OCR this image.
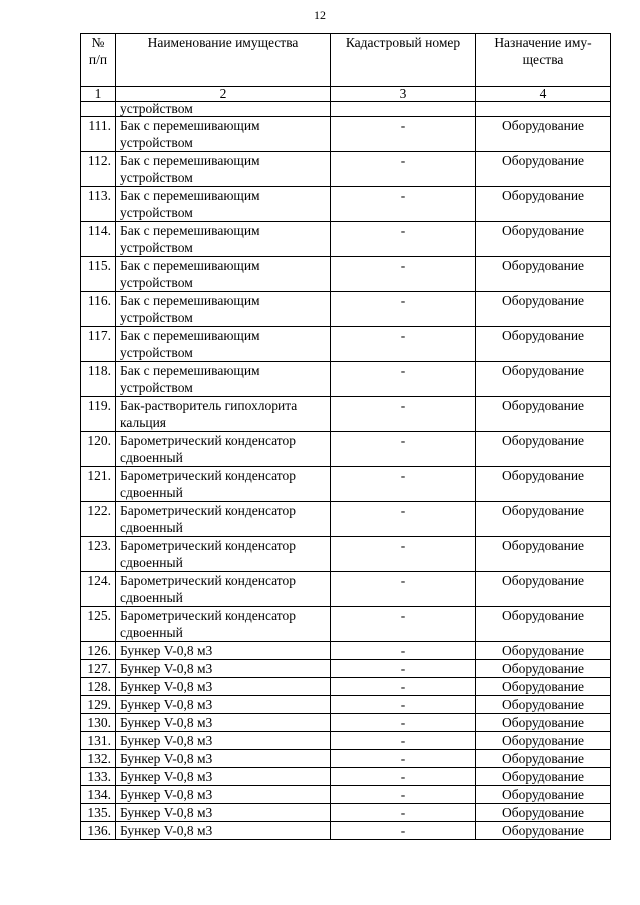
12
№ п/п	Наименование имущества	Кадастровый номер	Назначение иму-щества
1	2	3	4
	устройством		
111.	Бак с перемешивающим устройством	-	Оборудование
112.	Бак с перемешивающим устройством	-	Оборудование
113.	Бак с перемешивающим устройством	-	Оборудование
114.	Бак с перемешивающим устройством	-	Оборудование
115.	Бак с перемешивающим устройством	-	Оборудование
116.	Бак с перемешивающим устройством	-	Оборудование
117.	Бак с перемешивающим устройством	-	Оборудование
118.	Бак с перемешивающим устройством	-	Оборудование
119.	Бак-растворитель гипохлорита кальция	-	Оборудование
120.	Барометрический конденсатор сдвоенный	-	Оборудование
121.	Барометрический конденсатор сдвоенный	-	Оборудование
122.	Барометрический конденсатор сдвоенный	-	Оборудование
123.	Барометрический конденсатор сдвоенный	-	Оборудование
124.	Барометрический конденсатор сдвоенный	-	Оборудование
125.	Барометрический конденсатор сдвоенный	-	Оборудование
126.	Бункер V-0,8 м3	-	Оборудование
127.	Бункер V-0,8 м3	-	Оборудование
128.	Бункер V-0,8 м3	-	Оборудование
129.	Бункер V-0,8 м3	-	Оборудование
130.	Бункер V-0,8 м3	-	Оборудование
131.	Бункер V-0,8 м3	-	Оборудование
132.	Бункер V-0,8 м3	-	Оборудование
133.	Бункер V-0,8 м3	-	Оборудование
134.	Бункер V-0,8 м3	-	Оборудование
135.	Бункер V-0,8 м3	-	Оборудование
136.	Бункер V-0,8 м3	-	Оборудование
